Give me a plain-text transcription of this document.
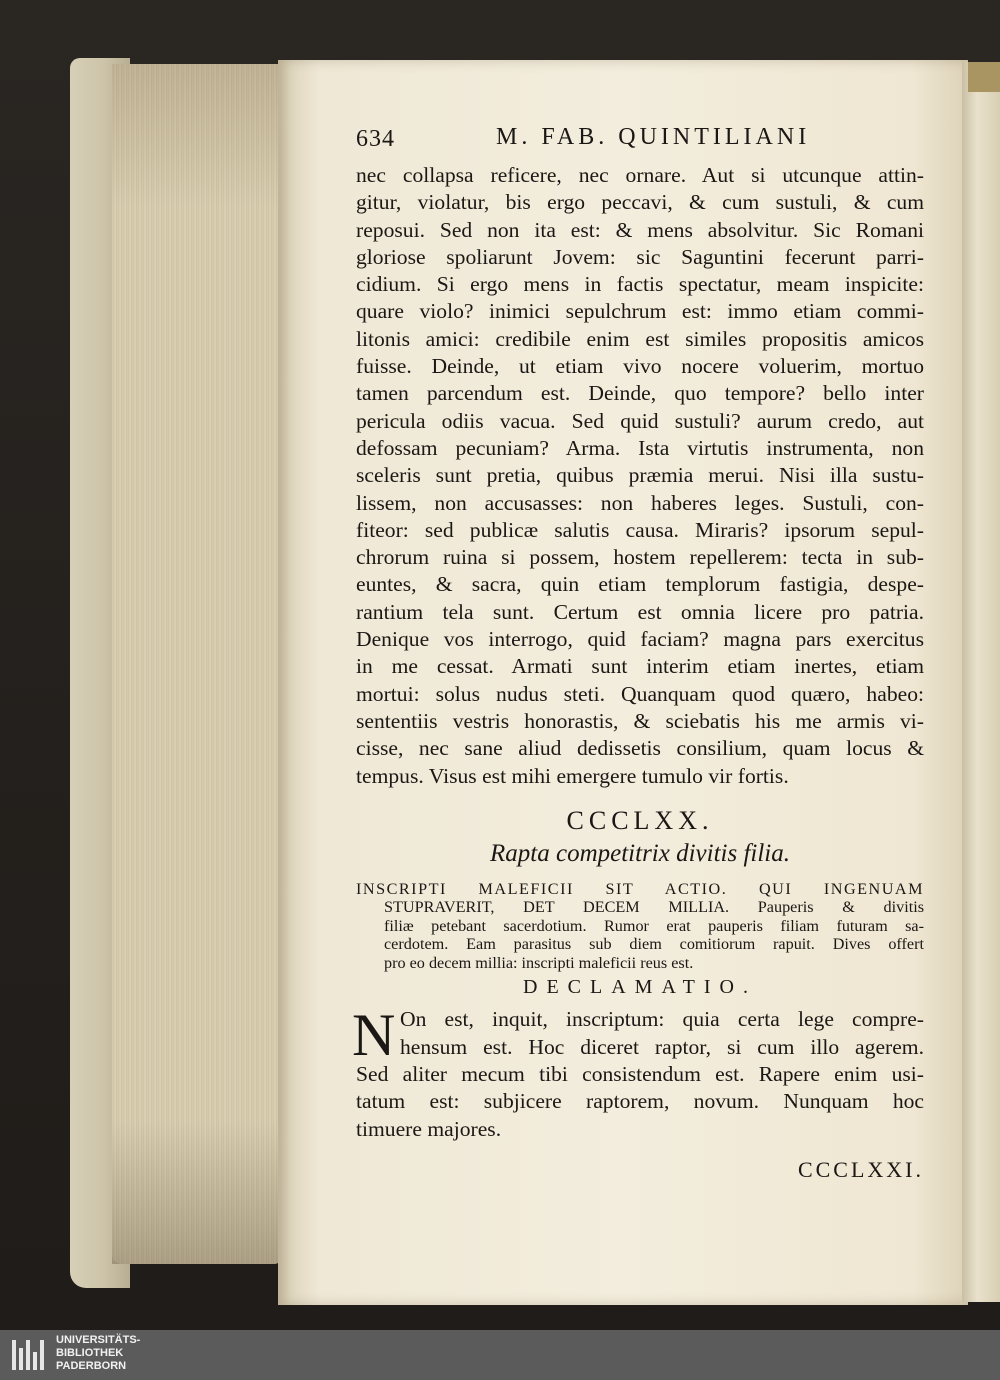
634	M. FAB. QUINTILIANI
nec collapsa reficere, nec ornare. Aut si utcunque attin-
gitur, violatur, bis ergo peccavi, & cum sustuli, & cum
reposui. Sed non ita est: & mens absolvitur. Sic Romani
gloriose spoliarunt Jovem: sic Saguntini fecerunt parri-
cidium. Si ergo mens in factis spectatur, meam inspicite:
quare violo? inimici sepulchrum est: immo etiam commi-
litonis amici: credibile enim est similes propositis amicos
fuisse. Deinde, ut etiam vivo nocere voluerim, mortuo
tamen parcendum est. Deinde, quo tempore? bello inter
pericula odiis vacua. Sed quid sustuli? aurum credo, aut
defossam pecuniam? Arma. Ista virtutis instrumenta, non
sceleris sunt pretia, quibus præmia merui. Nisi illa sustu-
lissem, non accusasses: non haberes leges. Sustuli, con-
fiteor: sed publicæ salutis causa. Miraris? ipsorum sepul-
chrorum ruina si possem, hostem repellerem: tecta in sub-
euntes, & sacra, quin etiam templorum fastigia, despe-
rantium tela sunt. Certum est omnia licere pro patria.
Denique vos interrogo, quid faciam? magna pars exercitus
in me cessat. Armati sunt interim etiam inertes, etiam
mortui: solus nudus steti. Quanquam quod quæro, habeo:
sententiis vestris honorastis, & sciebatis his me armis vi-
cisse, nec sane aliud dedissetis consilium, quam locus &
tempus. Visus est mihi emergere tumulo vir fortis.
CCCLXX.
Rapta competitrix divitis filia.
INSCRIPTI MALEFICII SIT ACTIO. QUI INGENUAM
STUPRAVERIT, DET DECEM MILLIA. Pauperis & divitis
filiæ petebant sacerdotium. Rumor erat pauperis filiam futuram sa-
cerdotem. Eam parasitus sub diem comitiorum rapuit. Dives offert
pro eo decem millia: inscripti maleficii reus est.
DECLAMATIO.
N On est, inquit, inscriptum: quia certa lege compre-
hensum est. Hoc diceret raptor, si cum illo agerem.
Sed aliter mecum tibi consistendum est. Rapere enim usi-
tatum est: subjicere raptorem, novum. Nunquam hoc
timuere majores.
CCCLXXI.
UNIVERSITÄTS-
BIBLIOTHEK
PADERBORN
